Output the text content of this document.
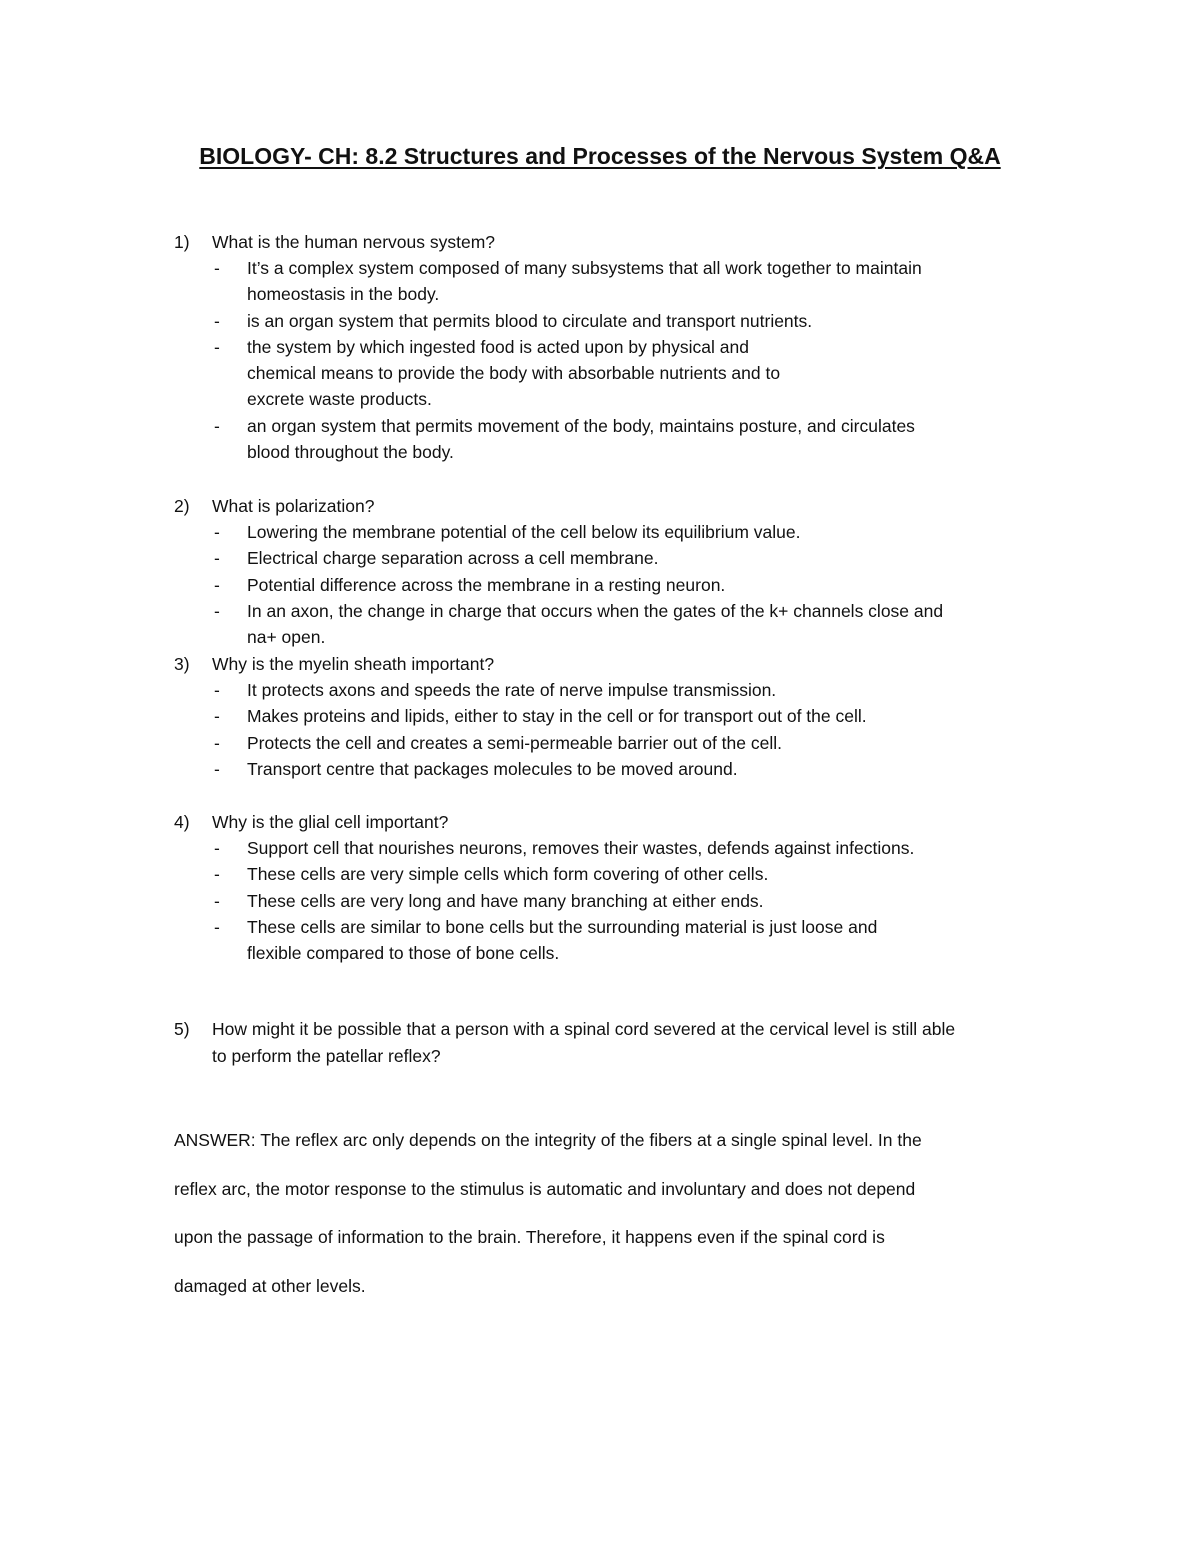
BIOLOGY- CH: 8.2 Structures and Processes of the Nervous System Q&A
1) What is the human nervous system?
- It’s a complex system composed of many subsystems that all work together to maintain
homeostasis in the body.
- is an organ system that permits blood to circulate and transport nutrients.
- the system by which ingested food is acted upon by physical and
chemical means to provide the body with absorbable nutrients and to
excrete waste products.
- an organ system that permits movement of the body, maintains posture, and circulates
blood throughout the body.
2) What is polarization?
- Lowering the membrane potential of the cell below its equilibrium value.
- Electrical charge separation across a cell membrane.
- Potential difference across the membrane in a resting neuron.
- In an axon, the change in charge that occurs when the gates of the k+ channels close and
na+ open.
3) Why is the myelin sheath important?
- It protects axons and speeds the rate of nerve impulse transmission.
- Makes proteins and lipids, either to stay in the cell or for transport out of the cell.
- Protects the cell and creates a semi-permeable barrier out of the cell.
- Transport centre that packages molecules to be moved around.
4) Why is the glial cell important?
- Support cell that nourishes neurons, removes their wastes, defends against infections.
- These cells are very simple cells which form covering of other cells.
- These cells are very long and have many branching at either ends.
- These cells are similar to bone cells but the surrounding material is just loose and
flexible compared to those of bone cells.
5) How might it be possible that a person with a spinal cord severed at the cervical level is still able
to perform the patellar reflex?
ANSWER: The reflex arc only depends on the integrity of the fibers at a single spinal level. In the
reflex arc, the motor response to the stimulus is automatic and involuntary and does not depend
upon the passage of information to the brain. Therefore, it happens even if the spinal cord is
damaged at other levels.
